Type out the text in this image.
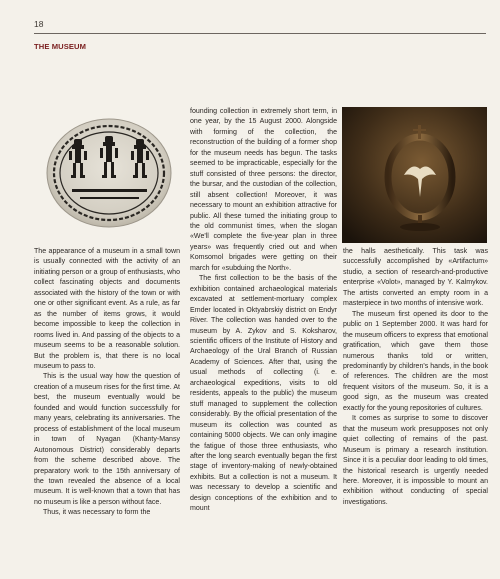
18
THE MUSEUM

The appearance of a museum in a small town is usually connected with the activity of an initiating person or a group of enthusiasts, who collect fascinating objects and documents associated with the history of the town or with one or other significant event. As a rule, as far as the number of items grows, it would become impossible to keep the collection in rooms lived in. And passing of the objects to a museum seems to be a reasonable solution. But the problem is, that there is no local museum to pass to.

This is the usual way how the question of creation of a museum rises for the first time. At best, the museum eventually would be founded and would function successfully for many years, celebrating its anniversaries. The process of establishment of the local museum in town of Nyagan (Khanty-Mansy Autonomous District) considerably departs from the scheme described above. The preparatory work to the 15th anniversary of the town revealed the absence of a local museum. It is well-known that a town that has no museum is like a person without face.

Thus, it was necessary to form the

founding collection in extremely short term, in one year, by the 15 August 2000. Alongside with forming of the collection, the reconstruction of the building of a former shop for the museum needs has begun. The tasks seemed to be impracticable, especially for the stuff consisted of three persons: the director, the bursar, and the custodian of the collection, still absent collection! Moreover, it was necessary to mount an exhibition attractive for public. All these turned the initiating group to the old communist times, when the slogan «We'll complete the five-year plan in three years» was frequently cried out and when Komsomol brigades were getting on their march for «subduing the North».

The first collection to be the basis of the exhibition contained archaeological materials excavated at settlement-mortuary complex Emder located in Oktyabrskiy district on Endyr River. The collection was handed over to the museum by A. Zykov and S. Koksharov, scientific officers of the Institute of History and Archaeology of the Ural Branch of Russian Academy of Sciences. After that, using the usual methods of collecting (i. e. archaeological expeditions, visits to old residents, appeals to the public) the museum stuff managed to supplement the collection considerably. By the official presentation of the museum its collection was counted as containing 5000 objects. We can only imagine the fatigue of those three enthusiasts, who after the long search eventually began the first stage of inventory-making of newly-obtained exhibits. But a collection is not a museum. It was necessary to develop a scientific and design conceptions of the exhibition and to mount

the halls aesthetically. This task was successfully accomplished by «Artifactum» studio, a section of research-and-productive enterprise «Volot», managed by Y. Kalmykov. The artists converted an empty room in a masterpiece in two months of intensive work.

The museum first opened its door to the public on 1 September 2000. It was hard for the museum officers to express that emotional gratification, which gave them those numerous thanks told or written, predominantly by children's hands, in the book of references. The children are the most frequent visitors of the museum. So, it is a good sign, as the museum was created exactly for the young repositories of cultures.

It comes as surprise to some to discover that the museum work presupposes not only quiet collecting of remains of the past. Museum is primary a research institution. Since it is a peculiar door leading to old times, the historical research is urgently needed here. Moreover, it is impossible to mount an exhibition without conducting of special investigations.
